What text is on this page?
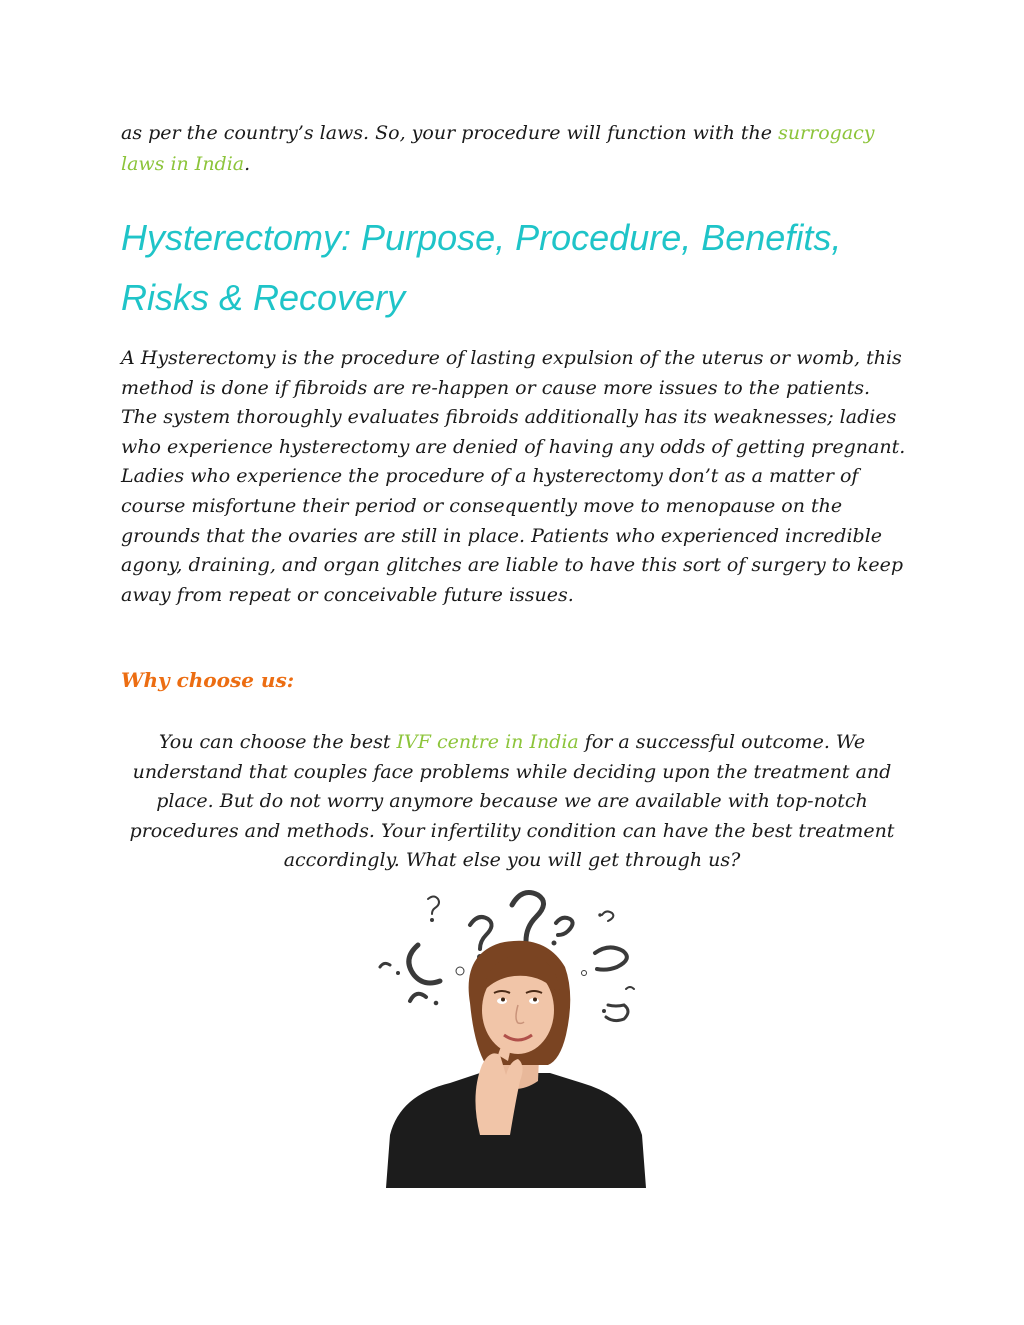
as per the country’s laws. So, your procedure will function with the surrogacy laws in India.

Hysterectomy: Purpose, Procedure, Benefits, Risks & Recovery

A Hysterectomy is the procedure of lasting expulsion of the uterus or womb, this method is done if fibroids are re-happen or cause more issues to the patients. The system thoroughly evaluates fibroids additionally has its weaknesses; ladies who experience hysterectomy are denied of having any odds of getting pregnant. Ladies who experience the procedure of a hysterectomy don’t as a matter of course misfortune their period or consequently move to menopause on the grounds that the ovaries are still in place. Patients who experienced incredible agony, draining, and organ glitches are liable to have this sort of surgery to keep away from repeat or conceivable future issues.

Why choose us:

You can choose the best IVF centre in India for a successful outcome. We understand that couples face problems while deciding upon the treatment and place. But do not worry anymore because we are available with top-notch procedures and methods. Your infertility condition can have the best treatment accordingly. What else you will get through us?
